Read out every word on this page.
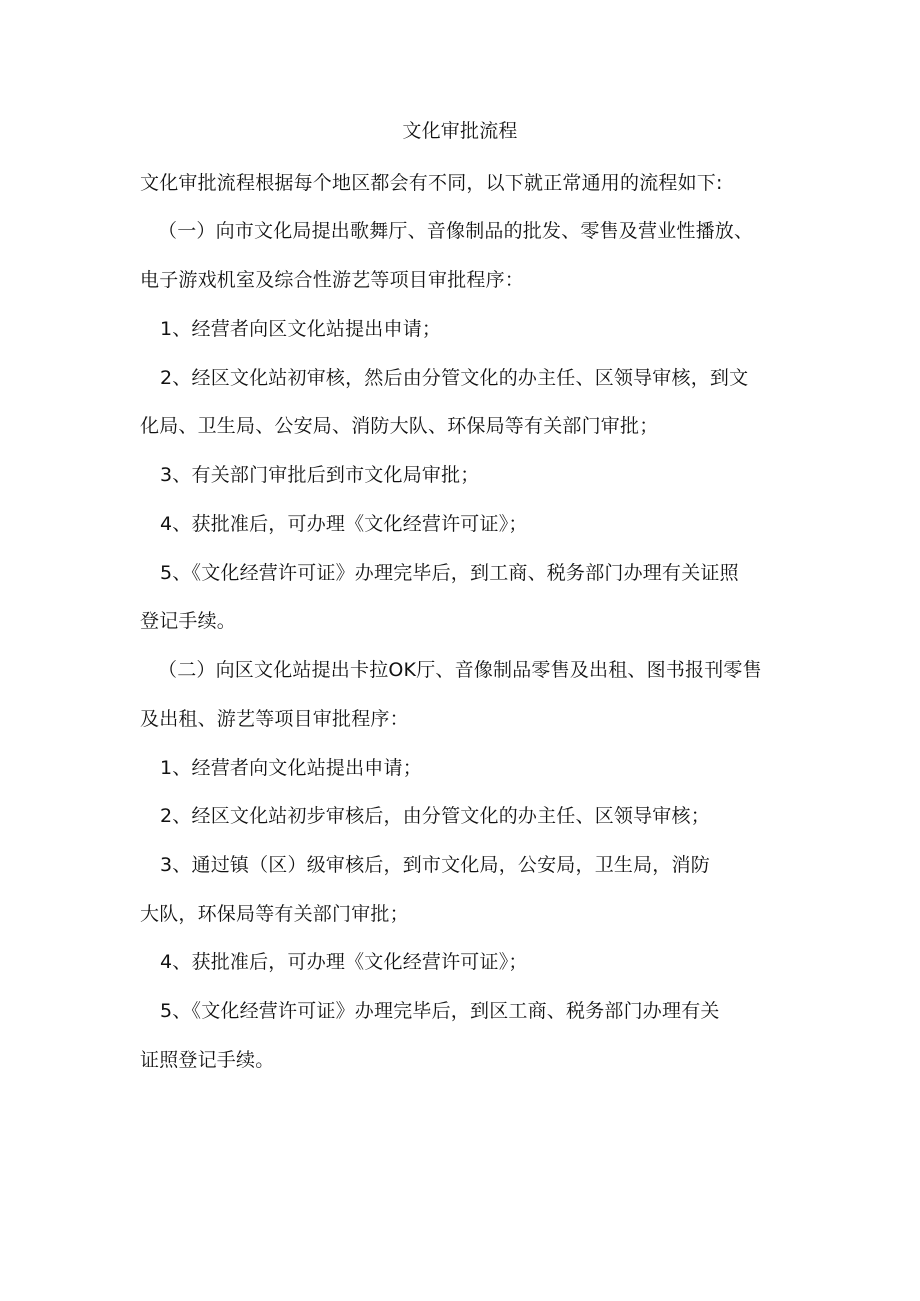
文化审批流程
文化审批流程根据每个地区都会有不同，以下就正常通用的流程如下:
（一）向市文化局提出歌舞厅、音像制品的批发、零售及营业性播放、
电子游戏机室及综合性游艺等项目审批程序：
1、经营者向区文化站提出申请；
2、经区文化站初审核，然后由分管文化的办主任、区领导审核，到文
化局、卫生局、公安局、消防大队、环保局等有关部门审批；
3、有关部门审批后到市文化局审批；
4、获批准后，可办理《文化经营许可证》；
5、《文化经营许可证》办理完毕后，到工商、税务部门办理有关证照
登记手续。
（二）向区文化站提出卡拉OK厅、音像制品零售及出租、图书报刊零售
及出租、游艺等项目审批程序：
1、经营者向文化站提出申请；
2、经区文化站初步审核后，由分管文化的办主任、区领导审核；
3、通过镇（区）级审核后，到市文化局，公安局，卫生局，消防
大队，环保局等有关部门审批；
4、获批准后，可办理《文化经营许可证》；
5、《文化经营许可证》办理完毕后，到区工商、税务部门办理有关
证照登记手续。
